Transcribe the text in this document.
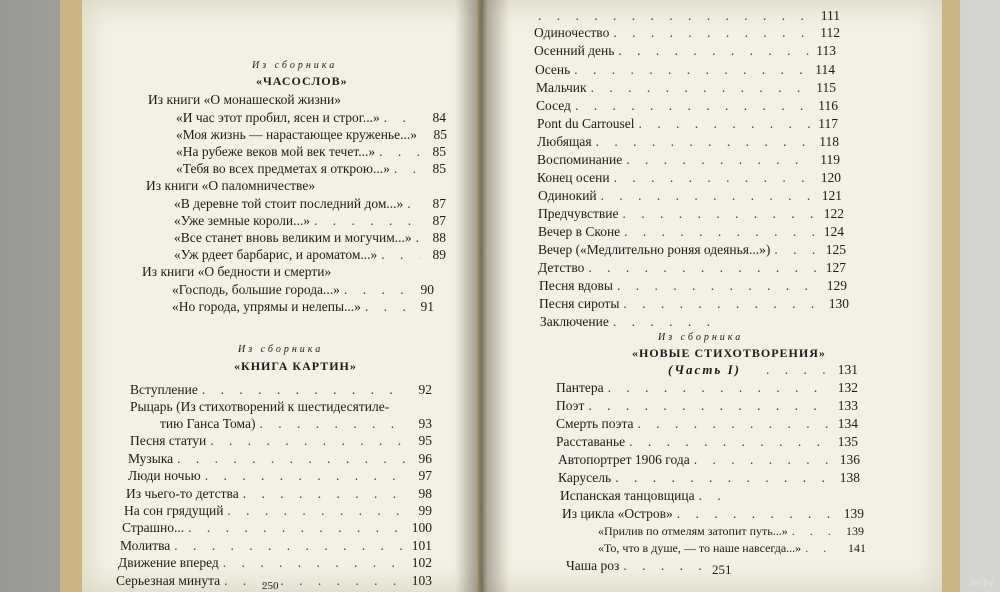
Из сборника
«ЧАСОСЛОВ»
Из книги «О монашеской жизни»
«И час этот пробил, ясен и строг...» . . .	84
«Моя жизнь — нарастающее круженье...»	85
«На рубеже веков мой век течет...» . . .	85
«Тебя во всех предметах я открою...» . . .	85
Из книги «О паломничестве»
«В деревне той стоит последний дом...» . . .	87
«Уже земные короли...» . . .	87
«Все станет вновь великим и могучим...» . . .	88
«Уж рдеет барбарис, и ароматом...» . . .	89
Из книги «О бедности и смерти»
«Господь, большие города...» . . .	90
«Но города, упрямы и нелепы...» . . .	91
Из сборника
«КНИГА КАРТИН»
Вступление . . .	92
Рыцарь (Из стихотворений к шестидесятиле-
тию Ганса Тома) . . .	93
Песня статуи . . .	95
Музыка . . .	96
Люди ночью . . .	97
Из чьего-то детства . . .	98
На сон грядущий . . .	99
Страшно... . . .	100
Молитва . . .	101
Движение вперед . . .	102
Серьезная минута . . .	103
250
. . .
111
Одиночество . . .	112
Осенний день . . .	113
Осень . . .	114
Мальчик . . .	115
Сосед . . .	116
Pont du Carrousel . . .	117
Любящая . . .	118
Воспоминание . . .	119
Конец осени . . .	120
Одинокий . . .	121
Предчувствие . . .	122
Вечер в Сконе . . .	124
Вечер («Медлительно роняя одеянья...») . . .	125
Детство . . .	127
Песня вдовы . . .	129
Песня сироты . . .	130
Заключение
. . .
Из сборника
«НОВЫЕ СТИХОТВОРЕНИЯ»
(Часть I) . . .	131
Пантера . . .	132
Поэт . . .	133
Смерть поэта . . .	134
Расставанье . . .	135
Автопортрет 1906 года . . .	136
Карусель . . .	138
Испанская танцовщица
. . .
Из цикла «Остров» . . .	139
«Прилив по отмелям затопит путь...» . . .	139
«То, что в душе, — то наше навсегда...» . . .	141
Чаша роз . . .	251
ay.by
